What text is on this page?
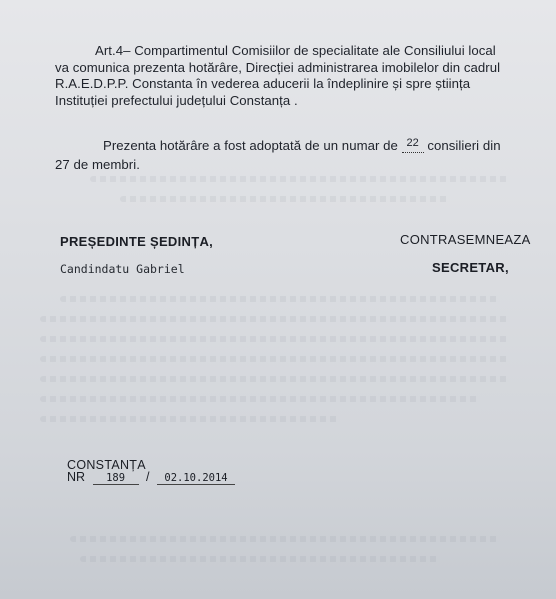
Art.4– Compartimentul Comisiilor de specialitate ale Consiliului local
va comunica prezenta hotărâre, Direcției administrarea imobilelor din cadrul
R.A.E.D.P.P. Constanta în vederea aducerii la îndeplinire și spre știința
Instituției prefectului județului Constanța .
Prezenta hotărâre a fost adoptată de un numar de 22 consilieri din
27 de membri.
PREȘEDINTE ȘEDINȚA,	CONTRASEMNEAZA
Candindatu Gabriel	SECRETAR,
CONSTANȚA
NR 189 / 02.10.2014
